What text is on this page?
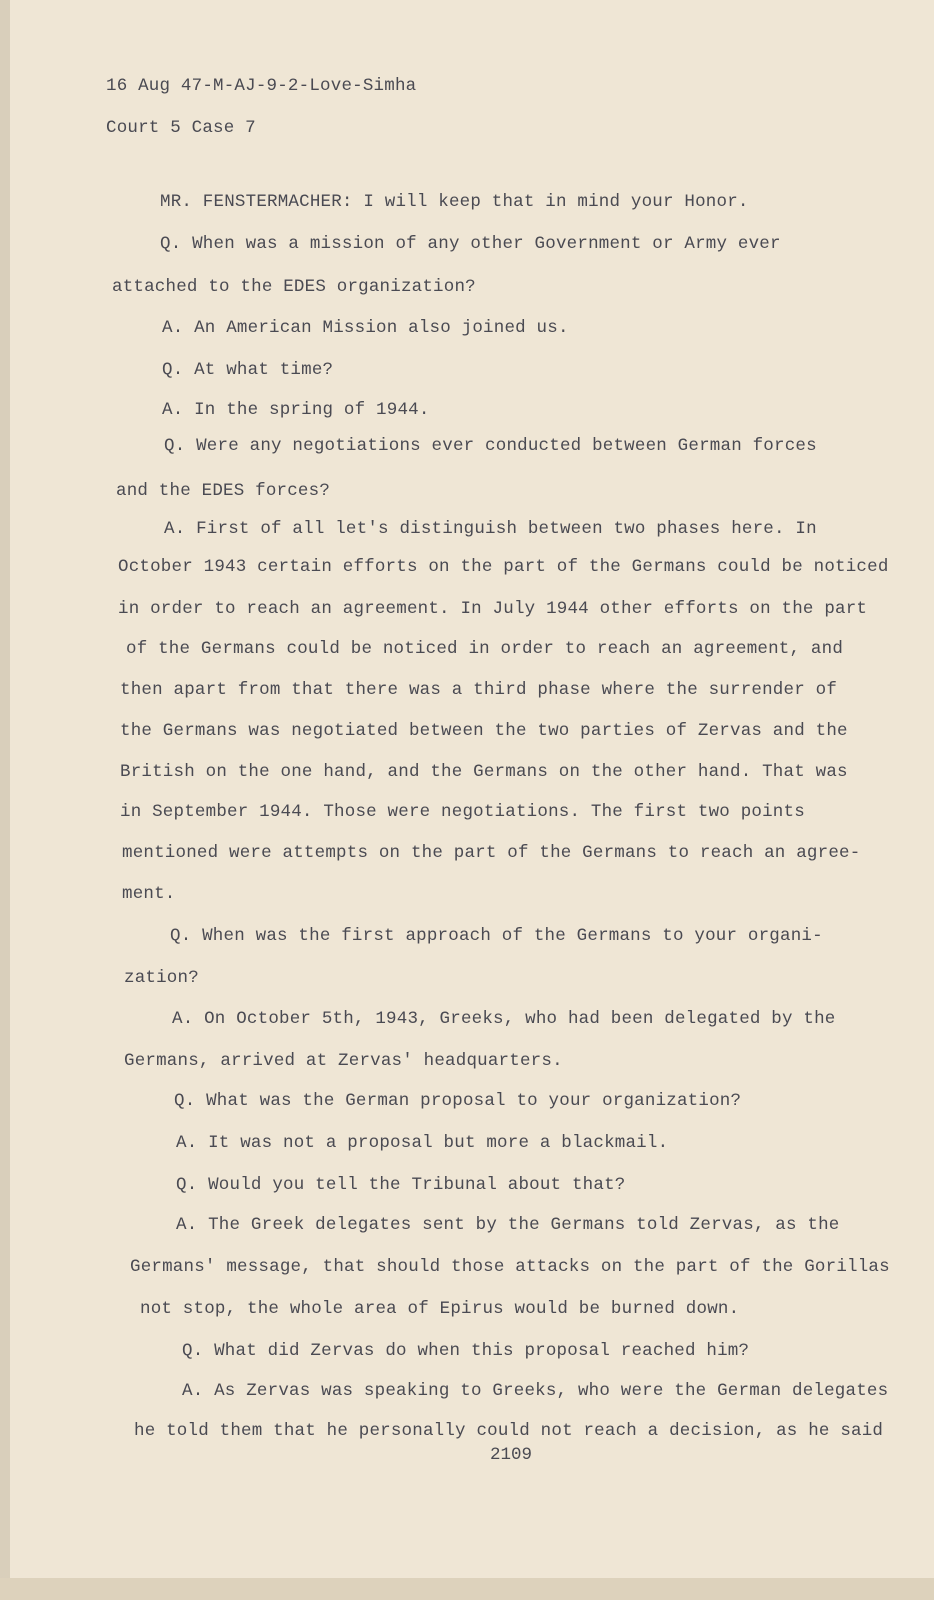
16 Aug 47-M-AJ-9-2-Love-Simha
Court 5 Case 7
MR. FENSTERMACHER: I will keep that in mind your Honor.
Q. When was a mission of any other Government or Army ever
attached to the EDES organization?
A. An American Mission also joined us.
Q. At what time?
A. In the spring of 1944.
Q. Were any negotiations ever conducted between German forces
and the EDES forces?
A. First of all let's distinguish between two phases here. In
October 1943 certain efforts on the part of the Germans could be noticed
in order to reach an agreement. In July 1944 other efforts on the part
of the Germans could be noticed in order to reach an agreement, and
then apart from that there was a third phase where the surrender of
the Germans was negotiated between the two parties of Zervas and the
British on the one hand, and the Germans on the other hand. That was
in September 1944. Those were negotiations. The first two points
mentioned were attempts on the part of the Germans to reach an agree-
ment.
Q. When was the first approach of the Germans to your organi-
zation?
A. On October 5th, 1943, Greeks, who had been delegated by the
Germans, arrived at Zervas' headquarters.
Q. What was the German proposal to your organization?
A. It was not a proposal but more a blackmail.
Q. Would you tell the Tribunal about that?
A. The Greek delegates sent by the Germans told Zervas, as the
Germans' message, that should those attacks on the part of the Gorillas
not stop, the whole area of Epirus would be burned down.
Q. What did Zervas do when this proposal reached him?
A. As Zervas was speaking to Greeks, who were the German delegates
he told them that he personally could not reach a decision, as he said
2109
